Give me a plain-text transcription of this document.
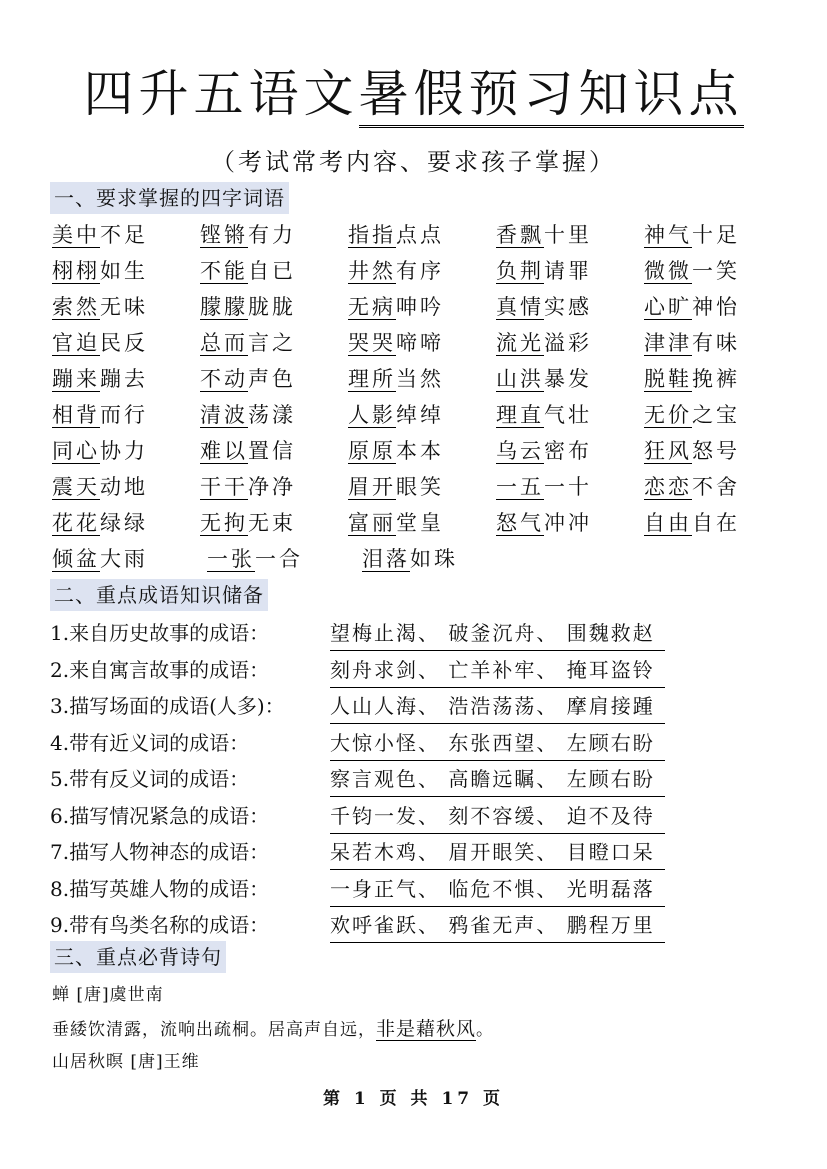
四升五语文暑假预习知识点
（考试常考内容、要求孩子掌握）
一、要求掌握的四字词语
美中不足	铿锵有力	指指点点	香飘十里	神气十足
栩栩如生	不能自已	井然有序	负荆请罪	微微一笑
索然无味	朦朦胧胧	无病呻吟	真情实感	心旷神怡
官迫民反	总而言之	哭哭啼啼	流光溢彩	津津有味
蹦来蹦去	不动声色	理所当然	山洪暴发	脱鞋挽裤
相背而行	清波荡漾	人影绰绰	理直气壮	无价之宝
同心协力	难以置信	原原本本	乌云密布	狂风怒号
震天动地	干干净净	眉开眼笑	一五一十	恋恋不舍
花花绿绿	无拘无束	富丽堂皇	怒气冲冲	自由自在
倾盆大雨	一张一合	泪落如珠
二、重点成语知识储备
1.来自历史故事的成语：	望梅止渴、 破釜沉舟、 围魏救赵
2.来自寓言故事的成语：	刻舟求剑、 亡羊补牢、 掩耳盗铃
3.描写场面的成语(人多)：	人山人海、 浩浩荡荡、 摩肩接踵
4.带有近义词的成语：	大惊小怪、 东张西望、 左顾右盼
5.带有反义词的成语：	察言观色、 高瞻远瞩、 左顾右盼
6.描写情况紧急的成语：	千钧一发、 刻不容缓、 迫不及待
7.描写人物神态的成语：	呆若木鸡、 眉开眼笑、 目瞪口呆
8.描写英雄人物的成语：	一身正气、 临危不惧、 光明磊落
9.带有鸟类名称的成语：	欢呼雀跃、 鸦雀无声、 鹏程万里
三、重点必背诗句
蝉 [唐]虞世南
垂緌饮清露，流响出疏桐。居高声自远，非是藉秋风。
山居秋暝 [唐]王维
第 1 页 共 17 页
